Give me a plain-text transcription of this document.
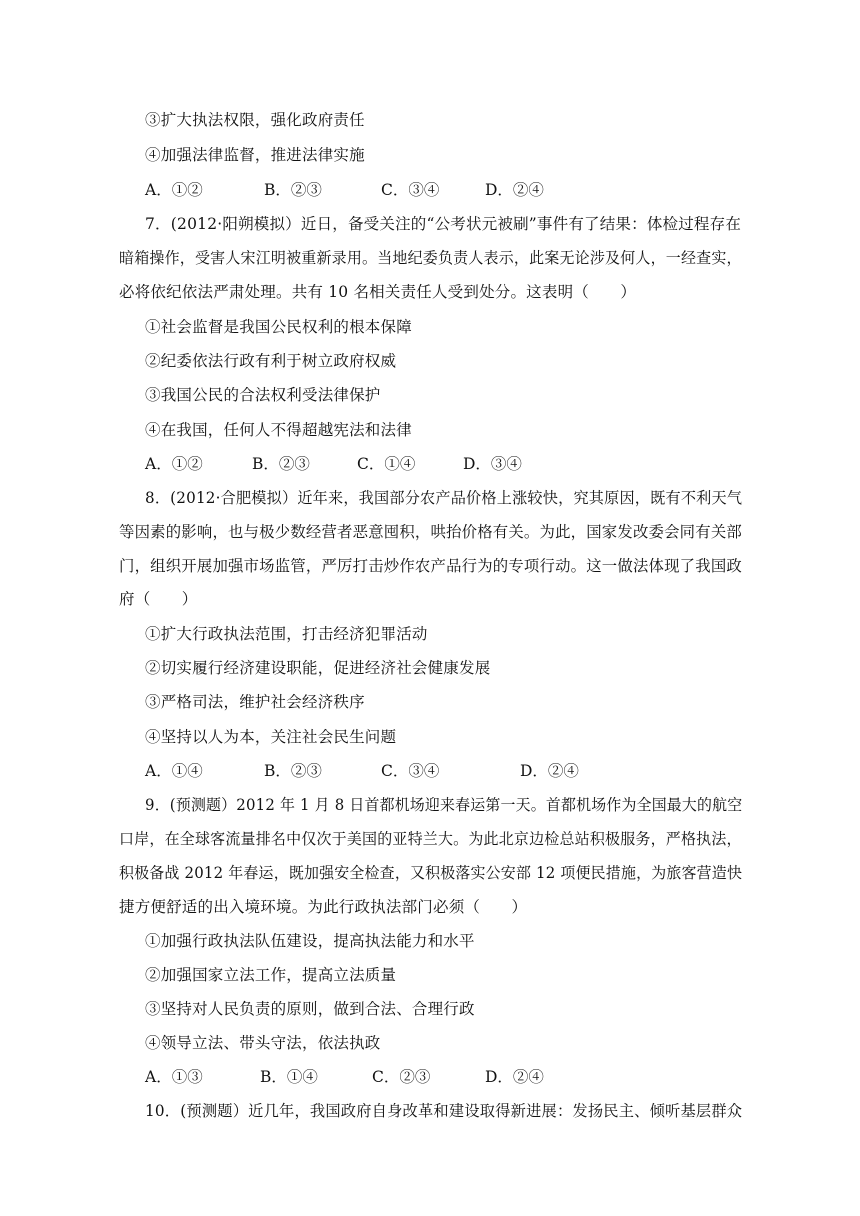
③扩大执法权限，强化政府责任
④加强法律监督，推进法律实施
A．①②	B．②③	C．③④	D．②④
7．(2012·阳朔模拟）近日，备受关注的“公考状元被刷”事件有了结果：体检过程存在
暗箱操作，受害人宋江明被重新录用。当地纪委负责人表示，此案无论涉及何人，一经查实，
必将依纪依法严肃处理。共有 10 名相关责任人受到处分。这表明（　　）
①社会监督是我国公民权利的根本保障
②纪委依法行政有利于树立政府权威
③我国公民的合法权利受法律保护
④在我国，任何人不得超越宪法和法律
A．①②	B．②③	C．①④	D．③④
8．(2012·合肥模拟）近年来，我国部分农产品价格上涨较快，究其原因，既有不利天气
等因素的影响，也与极少数经营者恶意囤积，哄抬价格有关。为此，国家发改委会同有关部
门，组织开展加强市场监管，严厉打击炒作农产品行为的专项行动。这一做法体现了我国政
府（　　）
①扩大行政执法范围，打击经济犯罪活动
②切实履行经济建设职能，促进经济社会健康发展
③严格司法，维护社会经济秩序
④坚持以人为本，关注社会民生问题
A．①④	B．②③	C．③④	D．②④
9．(预测题）2012 年 1 月 8 日首都机场迎来春运第一天。首都机场作为全国最大的航空
口岸，在全球客流量排名中仅次于美国的亚特兰大。为此北京边检总站积极服务，严格执法，
积极备战 2012 年春运，既加强安全检查，又积极落实公安部 12 项便民措施，为旅客营造快
捷方便舒适的出入境环境。为此行政执法部门必须（　　）
①加强行政执法队伍建设，提高执法能力和水平
②加强国家立法工作，提高立法质量
③坚持对人民负责的原则，做到合法、合理行政
④领导立法、带头守法，依法执政
A．①③	B．①④	C．②③	D．②④
10．(预测题）近几年，我国政府自身改革和建设取得新进展：发扬民主、倾听基层群众
